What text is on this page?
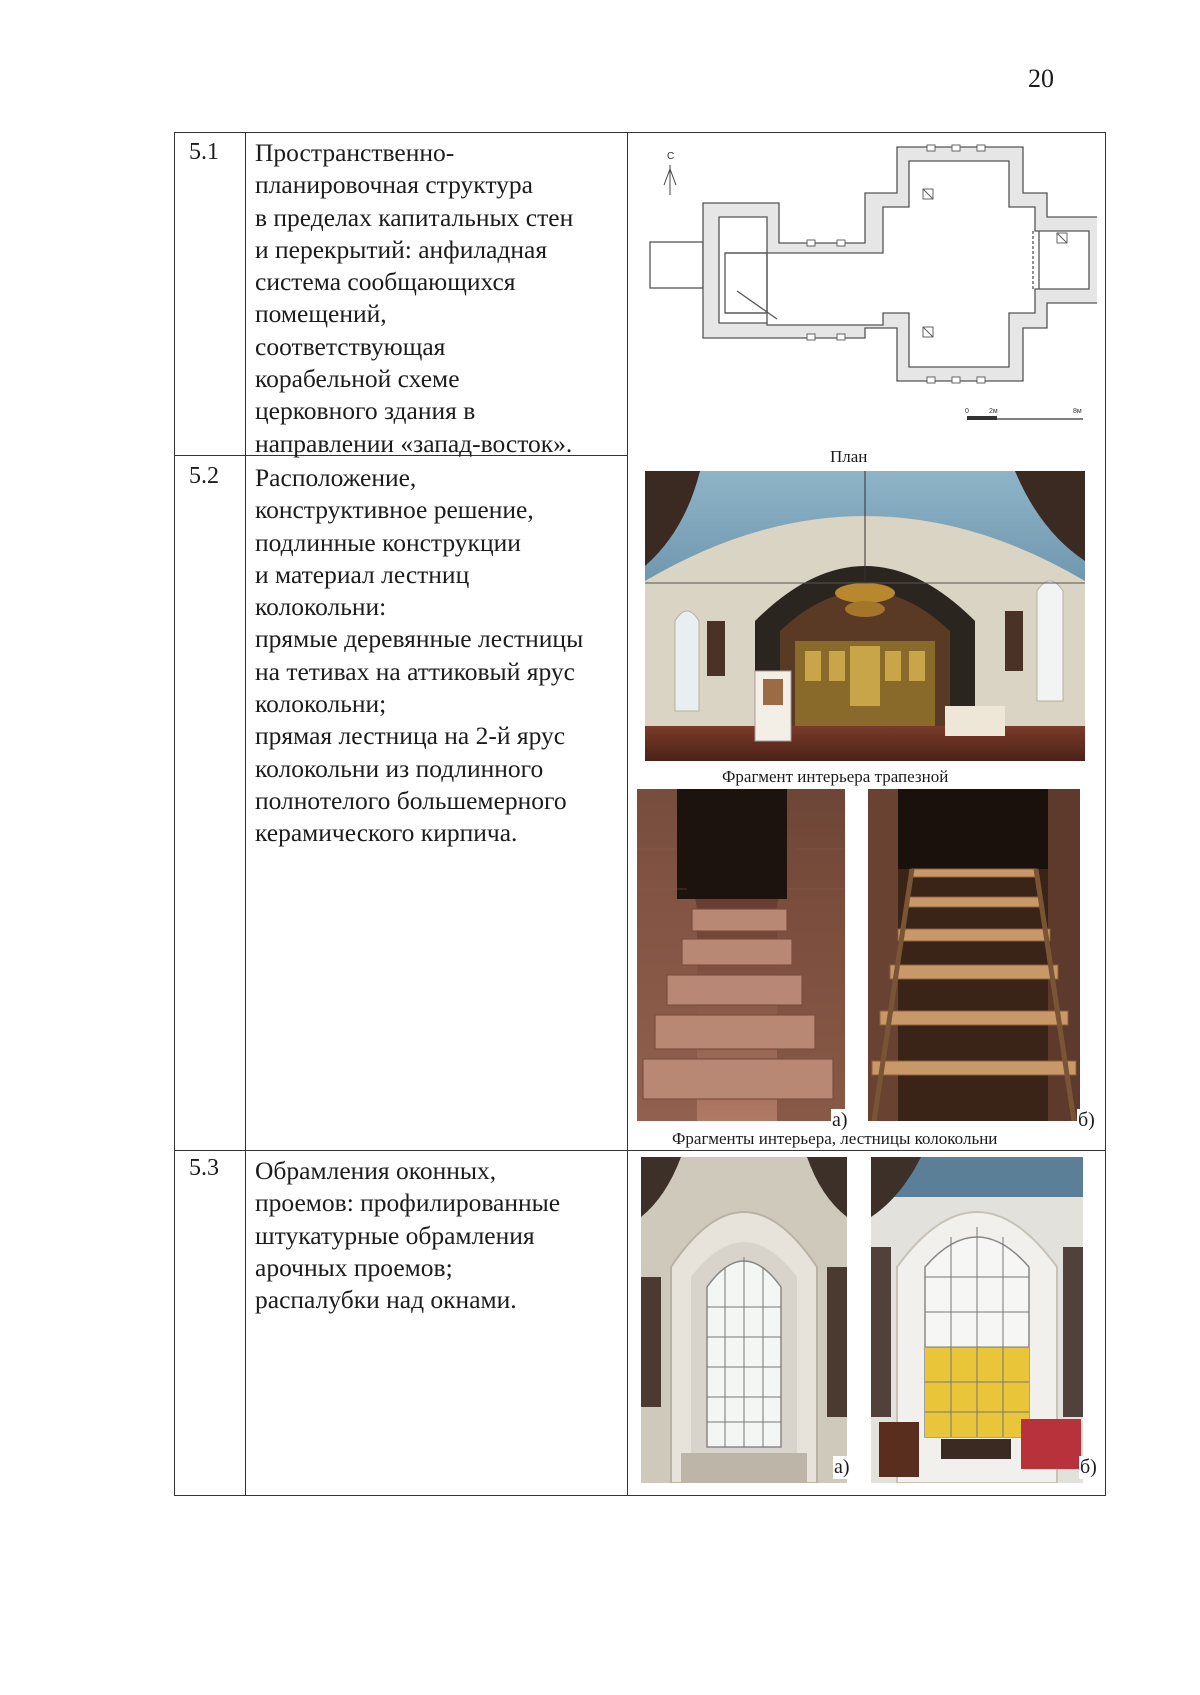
20
5.1 Пространственно-
планировочная структура
в пределах капитальных стен
и перекрытий: анфиладная
система сообщающихся
помещений,
соответствующая
корабельной схеме
церковного здания в
направлении «запад-восток».
5.2 Расположение,
конструктивное решение,
подлинные конструкции
и материал лестниц
колокольни:
прямые деревянные лестницы
на тетивах на аттиковый ярус
колокольни;
прямая лестница на 2-й ярус
колокольни из подлинного
полнотелого большемерного
керамического кирпича.
5.3 Обрамления оконных,
проемов: профилированные
штукатурные обрамления
арочных проемов;
распалубки над окнами.
С
0	2м	8м
План
Фрагмент интерьера трапезной
а)	б)
Фрагменты интерьера, лестницы колокольни
а)	б)
